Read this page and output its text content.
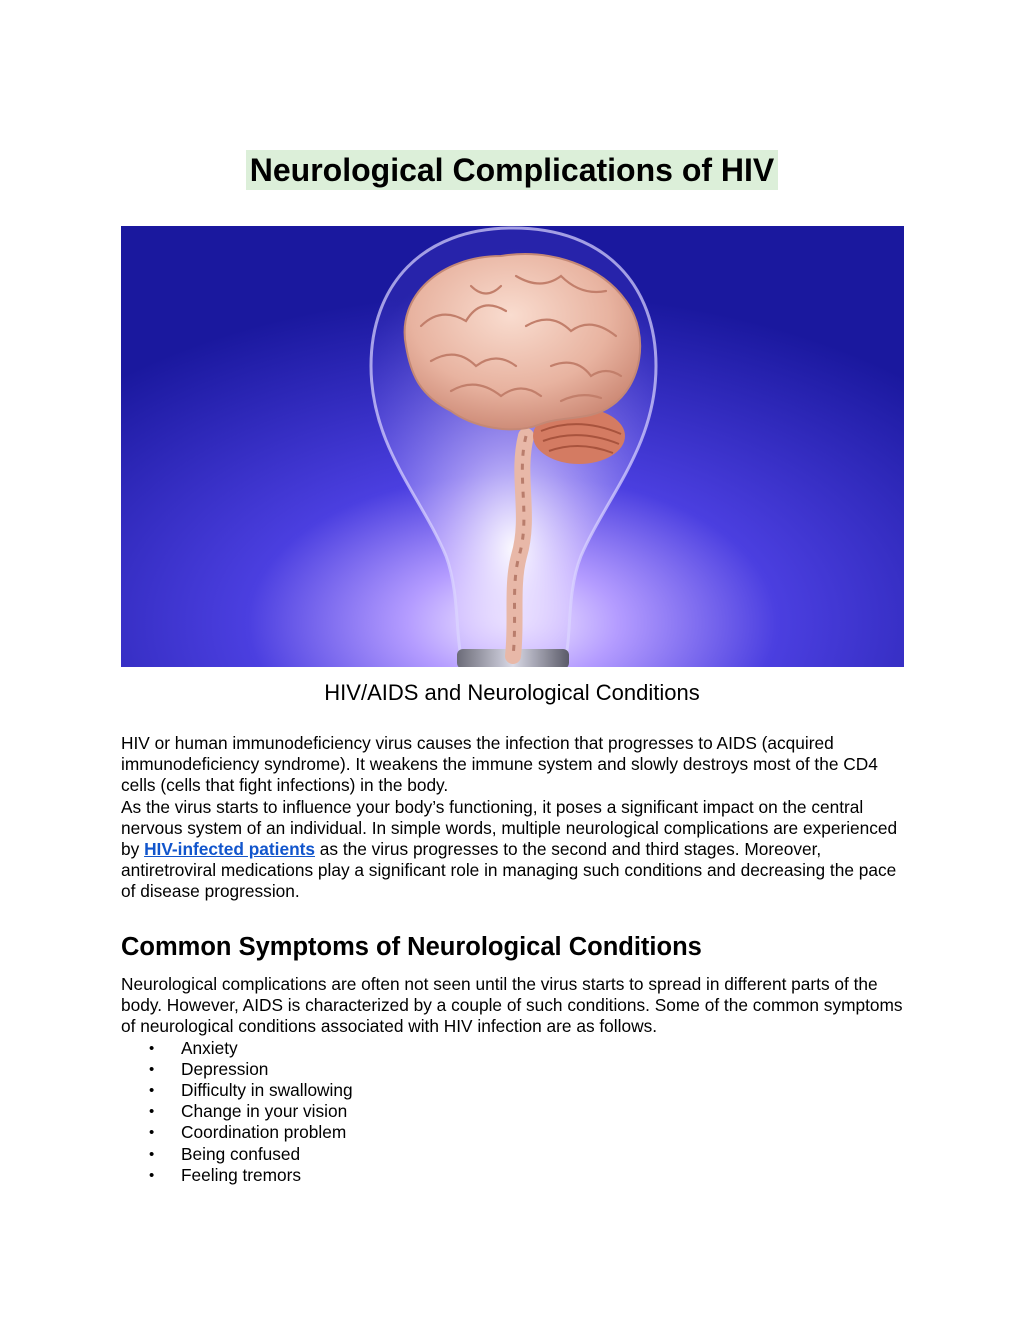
Neurological Complications of HIV
HIV/AIDS and Neurological Conditions

HIV or human immunodeficiency virus causes the infection that progresses to AIDS (acquired immunodeficiency syndrome). It weakens the immune system and slowly destroys most of the CD4 cells (cells that fight infections) in the body.

As the virus starts to influence your body’s functioning, it poses a significant impact on the central nervous system of an individual. In simple words, multiple neurological complications are experienced by HIV-infected patients as the virus progresses to the second and third stages. Moreover, antiretroviral medications play a significant role in managing such conditions and decreasing the pace of disease progression.

Common Symptoms of Neurological Conditions

Neurological complications are often not seen until the virus starts to spread in different parts of the body. However, AIDS is characterized by a couple of such conditions. Some of the common symptoms of neurological conditions associated with HIV infection are as follows.

• Anxiety
• Depression
• Difficulty in swallowing
• Change in your vision
• Coordination problem
• Being confused
• Feeling tremors
